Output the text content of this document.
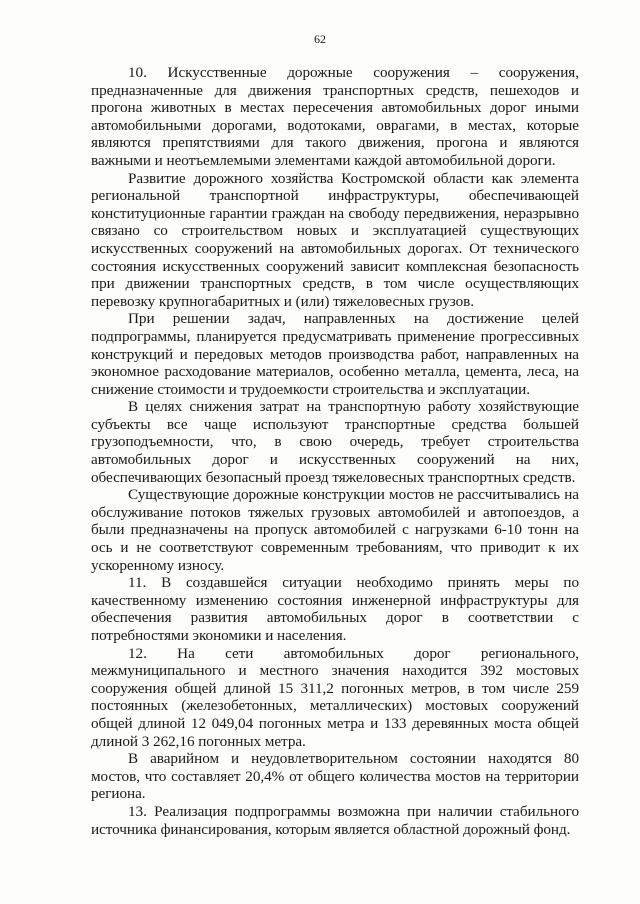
62

10. Искусственные дорожные сооружения – сооружения, предназначенные для движения транспортных средств, пешеходов и прогона животных в местах пересечения автомобильных дорог иными автомобильными дорогами, водотоками, оврагами, в местах, которые являются препятствиями для такого движения, прогона и являются важными и неотъемлемыми элементами каждой автомобильной дороги.

Развитие дорожного хозяйства Костромской области как элемента региональной транспортной инфраструктуры, обеспечивающей конституционные гарантии граждан на свободу передвижения, неразрывно связано со строительством новых и эксплуатацией существующих искусственных сооружений на автомобильных дорогах. От технического состояния искусственных сооружений зависит комплексная безопасность при движении транспортных средств, в том числе осуществляющих перевозку крупногабаритных и (или) тяжеловесных грузов.

При решении задач, направленных на достижение целей подпрограммы, планируется предусматривать применение прогрессивных конструкций и передовых методов производства работ, направленных на экономное расходование материалов, особенно металла, цемента, леса, на снижение стоимости и трудоемкости строительства и эксплуатации.

В целях снижения затрат на транспортную работу хозяйствующие субъекты все чаще используют транспортные средства большей грузоподъемности, что, в свою очередь, требует строительства автомобильных дорог и искусственных сооружений на них, обеспечивающих безопасный проезд тяжеловесных транспортных средств.

Существующие дорожные конструкции мостов не рассчитывались на обслуживание потоков тяжелых грузовых автомобилей и автопоездов, а были предназначены на пропуск автомобилей с нагрузками 6-10 тонн на ось и не соответствуют современным требованиям, что приводит к их ускоренному износу.

11. В создавшейся ситуации необходимо принять меры по качественному изменению состояния инженерной инфраструктуры для обеспечения развития автомобильных дорог в соответствии с потребностями экономики и населения.

12. На сети автомобильных дорог регионального, межмуниципального и местного значения находится 392 мостовых сооружения общей длиной 15 311,2 погонных метров, в том числе 259 постоянных (железобетонных, металлических) мостовых сооружений общей длиной 12 049,04 погонных метра и 133 деревянных моста общей длиной 3 262,16 погонных метра.

В аварийном и неудовлетворительном состоянии находятся 80 мостов, что составляет 20,4% от общего количества мостов на территории региона.

13. Реализация подпрограммы возможна при наличии стабильного источника финансирования, которым является областной дорожный фонд.
